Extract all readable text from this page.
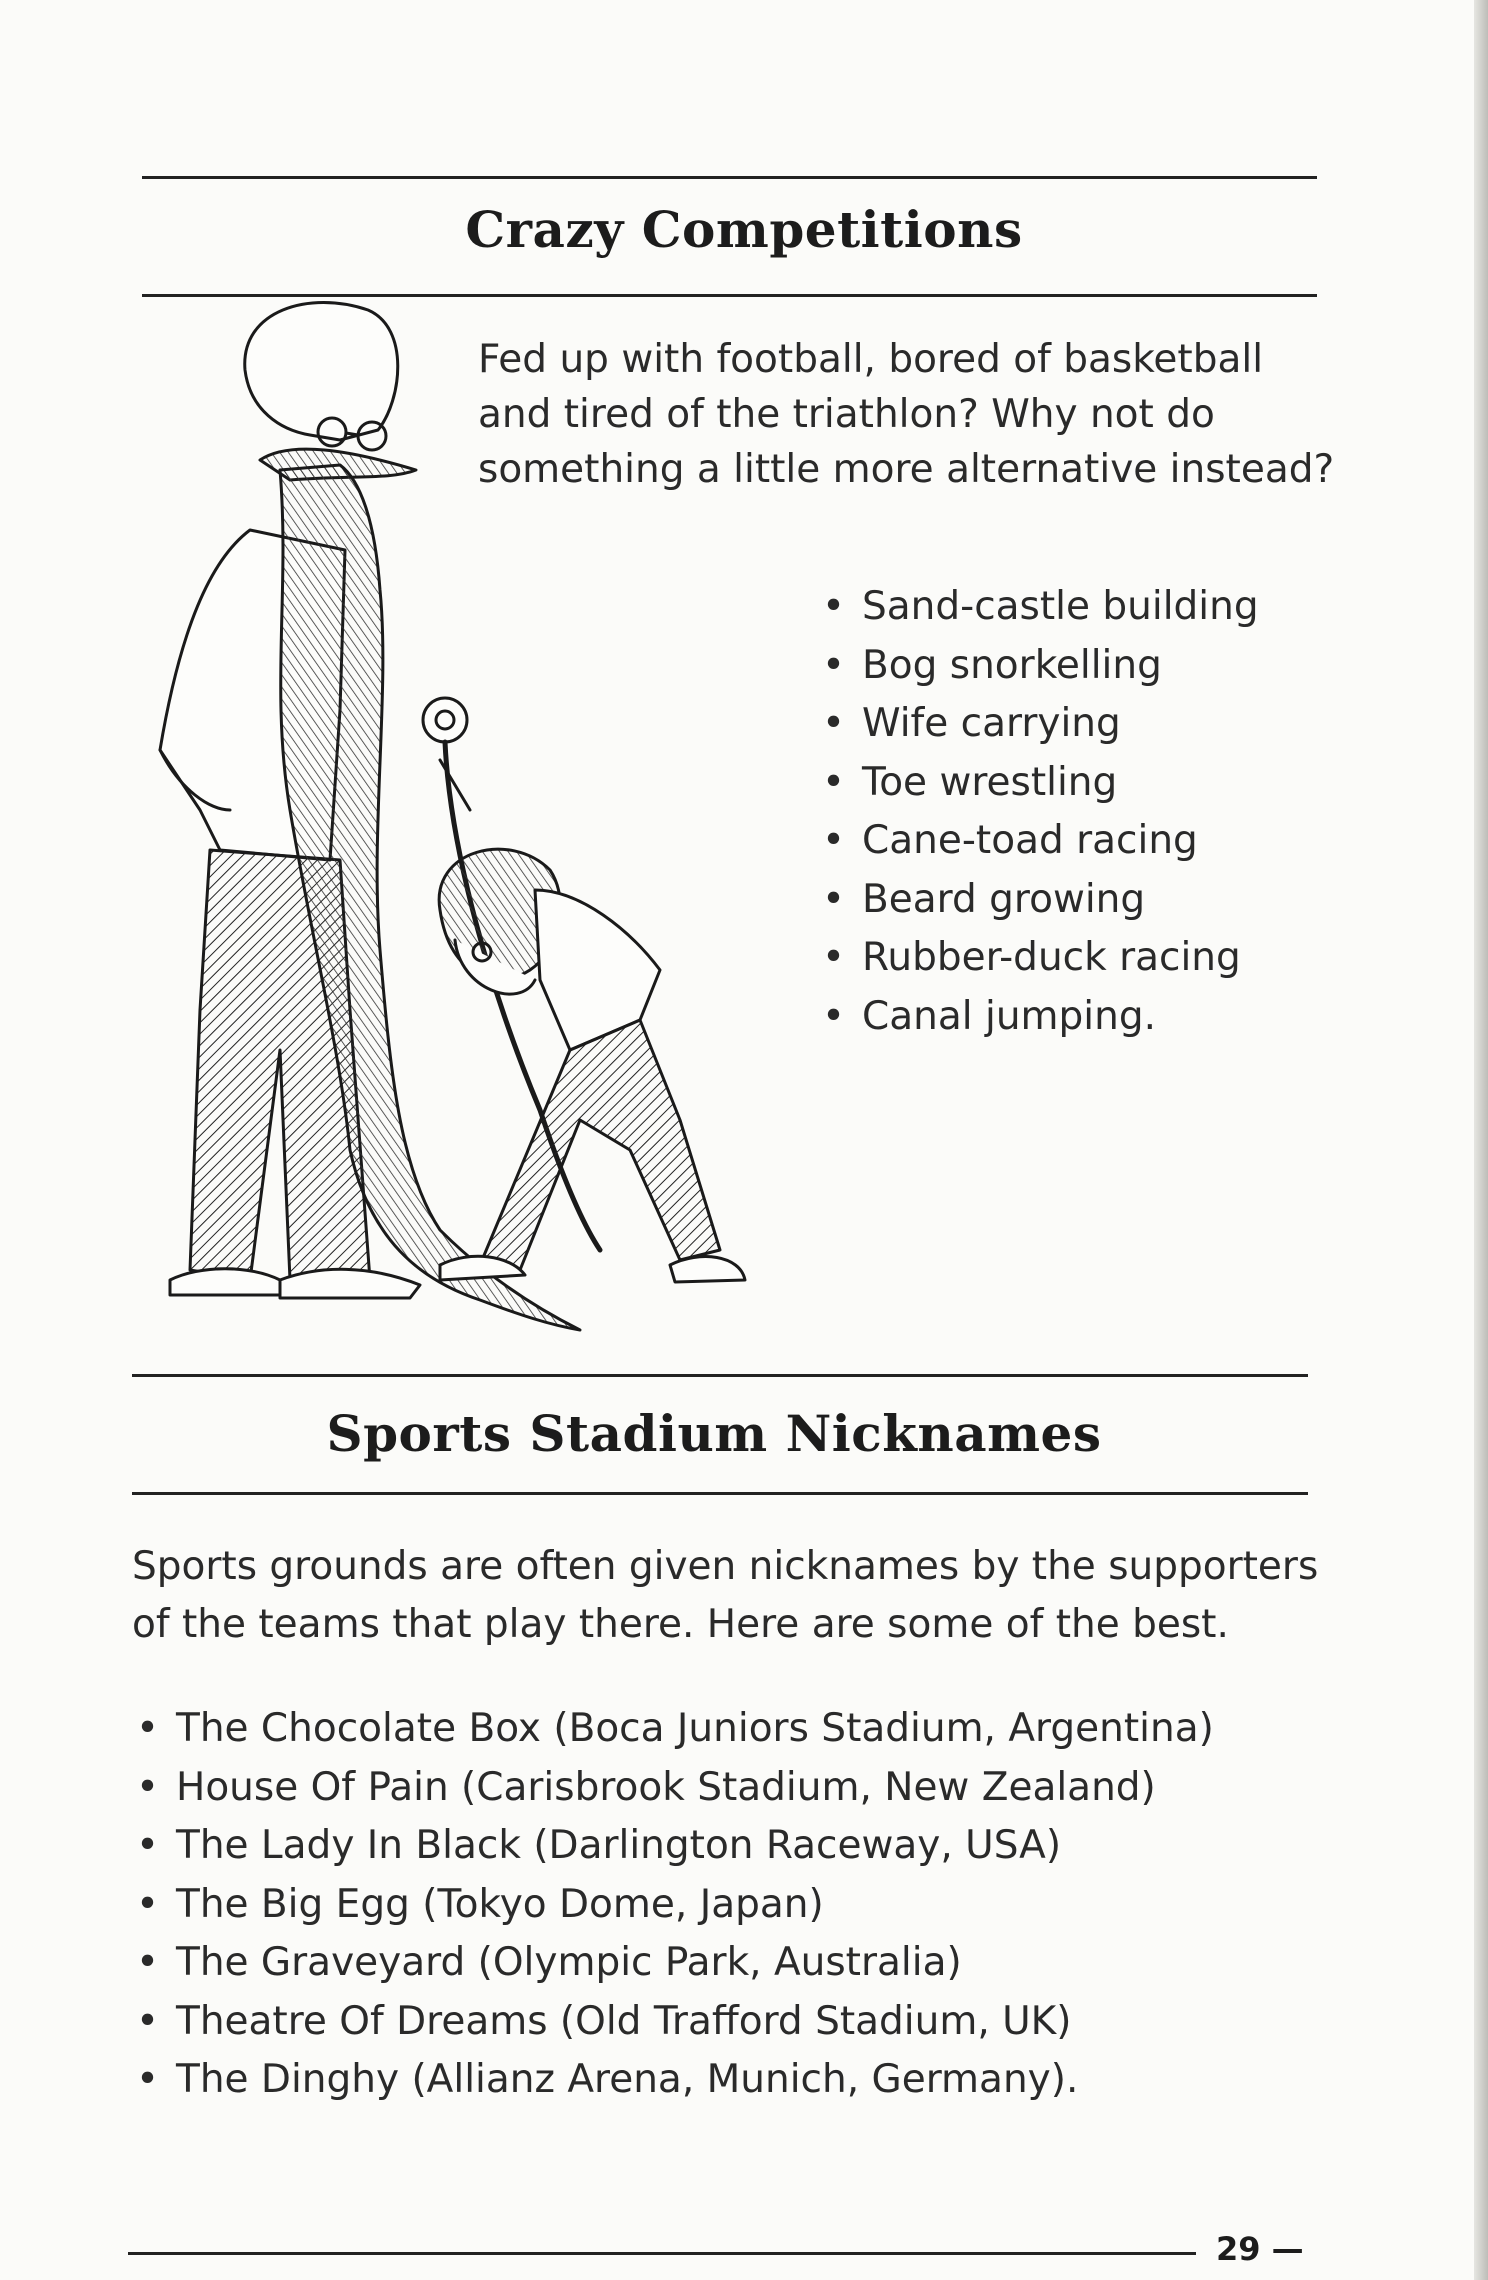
Crazy Competitions

Fed up with football, bored of basketball and tired of the triathlon? Why not do something a little more alternative instead?

• Sand-castle building
• Bog snorkelling
• Wife carrying
• Toe wrestling
• Cane-toad racing
• Beard growing
• Rubber-duck racing
• Canal jumping.
Sports Stadium Nicknames

Sports grounds are often given nicknames by the supporters of the teams that play there. Here are some of the best.

• The Chocolate Box (Boca Juniors Stadium, Argentina)
• House Of Pain (Carisbrook Stadium, New Zealand)
• The Lady In Black (Darlington Raceway, USA)
• The Big Egg (Tokyo Dome, Japan)
• The Graveyard (Olympic Park, Australia)
• Theatre Of Dreams (Old Trafford Stadium, UK)
• The Dinghy (Allianz Arena, Munich, Germany).
29 —
